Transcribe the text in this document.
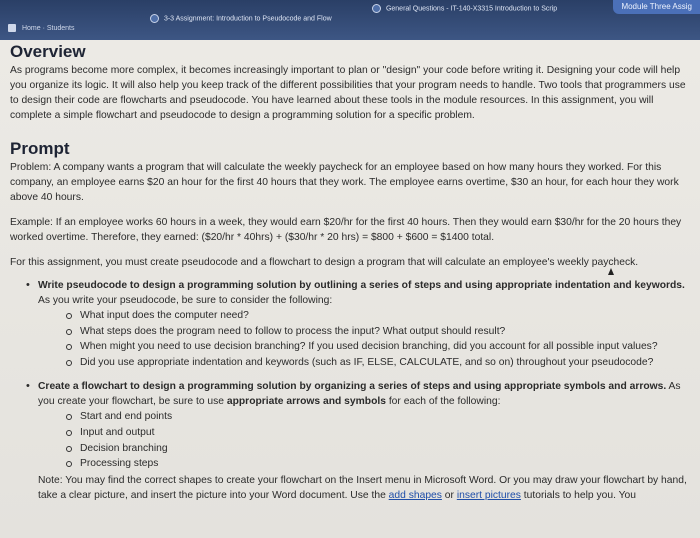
Home · Students
3-3 Assignment: Introduction to Pseudocode and Flow
General Questions - IT-140-X3315 Introduction to Scrip	Module Three Assig
Overview

As programs become more complex, it becomes increasingly important to plan or "design" your code before writing it. Designing your code will help you organize its logic. It will also help you keep track of the different possibilities that your program needs to handle. Two tools that programmers use to design their code are flowcharts and pseudocode. You have learned about these tools in the module resources. In this assignment, you will complete a simple flowchart and pseudocode to design a programming solution for a specific problem.

Prompt

Problem: A company wants a program that will calculate the weekly paycheck for an employee based on how many hours they worked. For this company, an employee earns $20 an hour for the first 40 hours that they work. The employee earns overtime, $30 an hour, for each hour they work above 40 hours.

Example: If an employee works 60 hours in a week, they would earn $20/hr for the first 40 hours. Then they would earn $30/hr for the 20 hours they worked overtime. Therefore, they earned: ($20/hr * 40hrs) + ($30/hr * 20 hrs) = $800 + $600 = $1400 total.

For this assignment, you must create pseudocode and a flowchart to design a program that will calculate an employee's weekly paycheck.

• Write pseudocode to design a programming solution by outlining a series of steps and using appropriate indentation and keywords. As you write your pseudocode, be sure to consider the following:
What input does the computer need?
What steps does the program need to follow to process the input? What output should result?
When might you need to use decision branching? If you used decision branching, did you account for all possible input values?
Did you use appropriate indentation and keywords (such as IF, ELSE, CALCULATE, and so on) throughout your pseudocode?
• Create a flowchart to design a programming solution by organizing a series of steps and using appropriate symbols and arrows. As you create your flowchart, be sure to use appropriate arrows and symbols for each of the following:
Start and end points
Input and output
Decision branching
Processing steps
Note: You may find the correct shapes to create your flowchart on the Insert menu in Microsoft Word. Or you may draw your flowchart by hand, take a clear picture, and insert the picture into your Word document. Use the add shapes or insert pictures tutorials to help you. You
